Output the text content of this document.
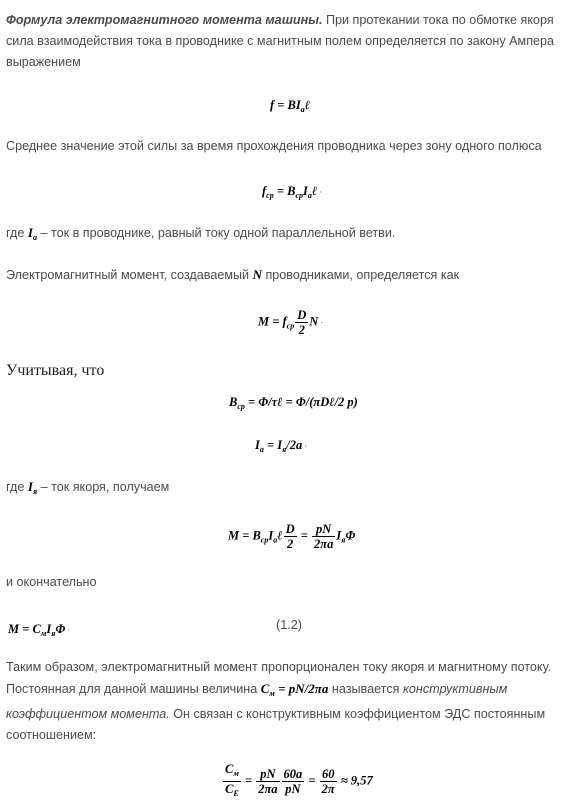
Формула электромагнитного момента машины. При протекании тока по обмотке якоря сила взаимодействия тока в проводнике с магнитным полем определяется по закону Ампера выражением
$f = BI_a\ell$
Среднее значение этой силы за время прохождения проводника через зону одного полюса
$f_{ср}$ = $B_{ср}I_a\ell$ ·
где $I_a$ – ток в проводнике, равный току одной параллельной ветви.
Электромагнитный момент, создаваемый N проводниками, определяется как
$M = f_{ср} \frac{D}{2}$ N ·
Учитывая, что
$B_{ср}$ = Φ/τℓ = Φ/(πDℓ/2 p)
$I_a = I_я/2a$ ·
где $I_я$ – ток якоря, получаем
$M = B_{ср}I_a\ell \frac{D}{2} = \frac{pN}{2\pi a} I_я\Phi$
и окончательно
$M = C_мI_я\Phi$ ·	(1.2)
Таким образом, электромагнитный момент пропорционален току якоря и магнитному потоку. Постоянная для данной машины величина $C_м = pN/2\pi a$ называется конструктивным коэффициентом момента. Он связан с конструктивным коэффициентом ЭДС постоянным соотношением:
$\frac{C_м}{C_E} = \frac{pN}{2\pi a} \frac{60a}{pN} = \frac{60}{2\pi} \approx 9,57$
